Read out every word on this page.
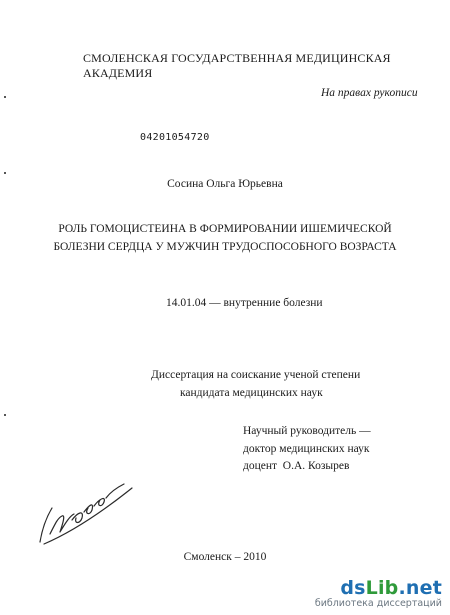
СМОЛЕНСКАЯ ГОСУДАРСТВЕННАЯ МЕДИЦИНСКАЯ АКАДЕМИЯ
На правах рукописи
04201054720
Сосина Ольга Юрьевна
РОЛЬ ГОМОЦИСТЕИНА В ФОРМИРОВАНИИ ИШЕМИЧЕСКОЙ
БОЛЕЗНИ СЕРДЦА У МУЖЧИН ТРУДОСПОСОБНОГО ВОЗРАСТА
14.01.04 — внутренние болезни
Диссертация на соискание ученой степени
кандидата медицинских наук
Научный руководитель —
доктор медицинских наук
доцент  О.А. Козырев
Смоленск – 2010
dsLib.net
библиотека диссертаций
